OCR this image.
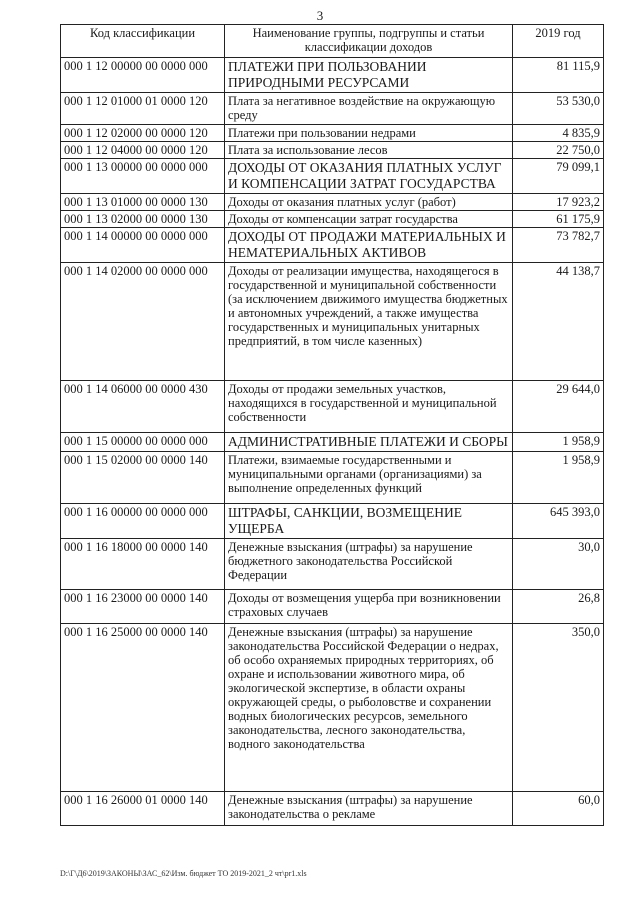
3
Код классификации	Наименование группы, подгруппы и статьи классификации доходов	2019 год
000 1 12 00000 00 0000 000	ПЛАТЕЖИ ПРИ ПОЛЬЗОВАНИИ ПРИРОДНЫМИ РЕСУРСАМИ	81 115,9
000 1 12 01000 01 0000 120	Плата за негативное воздействие на окружающую среду	53 530,0
000 1 12 02000 00 0000 120	Платежи при пользовании недрами	4 835,9
000 1 12 04000 00 0000 120	Плата за использование лесов	22 750,0
000 1 13 00000 00 0000 000	ДОХОДЫ ОТ ОКАЗАНИЯ ПЛАТНЫХ УСЛУГ И КОМПЕНСАЦИИ ЗАТРАТ ГОСУДАРСТВА	79 099,1
000 1 13 01000 00 0000 130	Доходы от оказания платных услуг (работ)	17 923,2
000 1 13 02000 00 0000 130	Доходы от компенсации затрат государства	61 175,9
000 1 14 00000 00 0000 000	ДОХОДЫ ОТ ПРОДАЖИ МАТЕРИАЛЬНЫХ И НЕМАТЕРИАЛЬНЫХ АКТИВОВ	73 782,7
000 1 14 02000 00 0000 000	Доходы от реализации имущества, находящегося в государственной и муниципальной собственности (за исключением движимого имущества бюджетных и автономных учреждений, а также имущества государственных и муниципальных унитарных предприятий, в том числе казенных)	44 138,7
000 1 14 06000 00 0000 430	Доходы от продажи земельных участков, находящихся в государственной и муниципальной собственности	29 644,0
000 1 15 00000 00 0000 000	АДМИНИСТРАТИВНЫЕ ПЛАТЕЖИ И СБОРЫ	1 958,9
000 1 15 02000 00 0000 140	Платежи, взимаемые государственными и муниципальными органами (организациями) за выполнение определенных функций	1 958,9
000 1 16 00000 00 0000 000	ШТРАФЫ, САНКЦИИ, ВОЗМЕЩЕНИЕ УЩЕРБА	645 393,0
000 1 16 18000 00 0000 140	Денежные взыскания (штрафы) за нарушение бюджетного законодательства Российской Федерации	30,0
000 1 16 23000 00 0000 140	Доходы от возмещения ущерба при возникновении страховых случаев	26,8
000 1 16 25000 00 0000 140	Денежные взыскания (штрафы) за нарушение законодательства Российской Федерации о недрах, об особо охраняемых природных территориях, об охране и использовании животного мира, об экологической экспертизе, в области охраны окружающей среды, о рыболовстве и сохранении водных биологических ресурсов, земельного законодательства, лесного законодательства, водного законодательства	350,0
000 1 16 26000 01 0000 140	Денежные взыскания (штрафы) за нарушение законодательства о рекламе	60,0
D:\Г\Д6\2019\ЗАКОНЫ\ЗАС_62\Изм. бюджет ТО 2019-2021_2 чт\pr1.xls
